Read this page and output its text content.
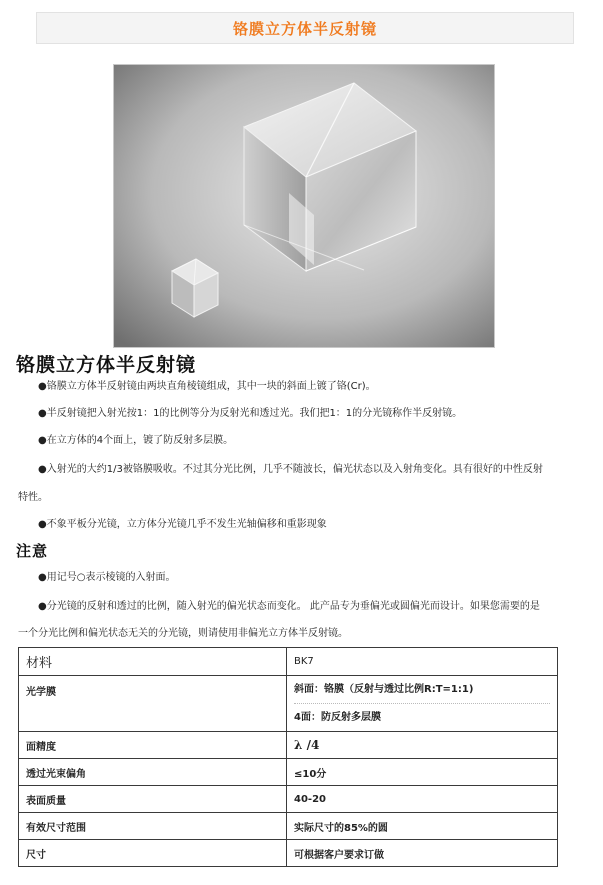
铬膜立方体半反射镜
铬膜立方体半反射镜
●铬膜立方体半反射镜由两块直角棱镜组成，其中一块的斜面上镀了铬(Cr)。
●半反射镜把入射光按1：1的比例等分为反射光和透过光。我们把1：1的分光镜称作半反射镜。
●在立方体的4个面上，镀了防反射多层膜。
●入射光的大约1/3被铬膜吸收。不过其分光比例，几乎不随波长，偏光状态以及入射角变化。具有很好的中性反射
特性。
●不象平板分光镜，立方体分光镜几乎不发生光轴偏移和重影现象
注意
●用记号○表示棱镜的入射面。
●分光镜的反射和透过的比例，随入射光的偏光状态而变化。 此产品专为垂偏光或圆偏光而设计。如果您需要的是
一个分光比例和偏光状态无关的分光镜，则请使用非偏光立方体半反射镜。
材料	BK7
光学膜	斜面：铬膜（反射与透过比例R:T=1:1)
4面：防反射多层膜

面精度	λ /4
透过光束偏角	≤10分
表面质量	40-20
有效尺寸范围	实际尺寸的85%的圆
尺寸	可根据客户要求订做
